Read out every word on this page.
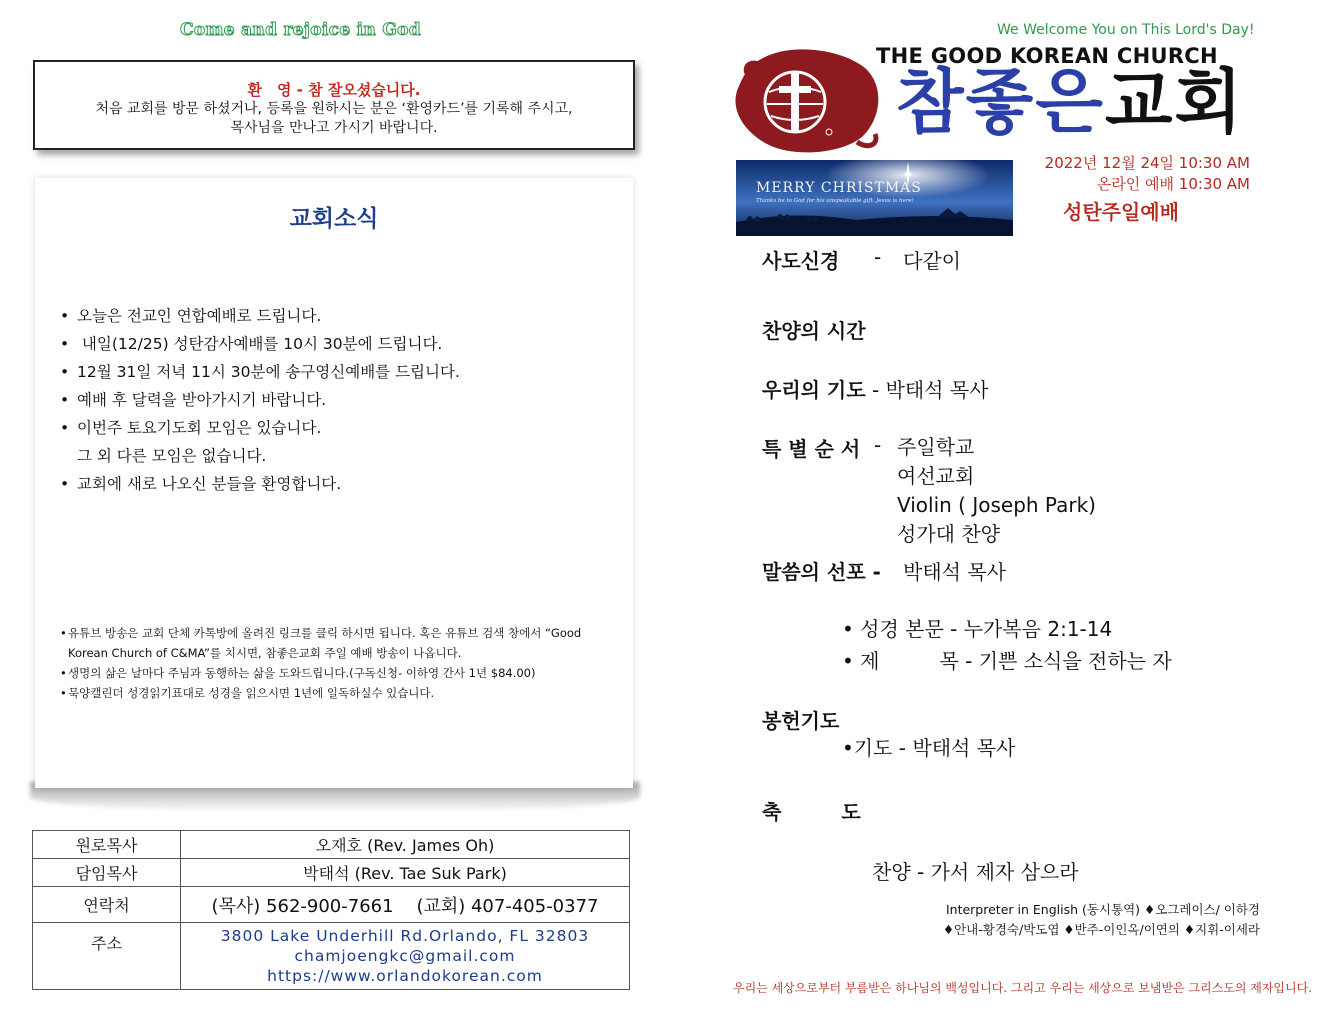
Come and rejoice in God
환　영 - 참 잘오셨습니다.
처음 교회를 방문 하셨거나, 등록을 원하시는 분은 ‘환영카드’를 기록해 주시고,
목사님을 만나고 가시기 바랍니다.
교회소식
• 오늘은 전교인 연합예배로 드립니다.
• 내일(12/25) 성탄감사예배를 10시 30분에 드립니다.
• 12월 31일 저녁 11시 30분에 송구영신예배를 드립니다.
• 예배 후 달력을 받아가시기 바랍니다.
• 이번주 토요기도회 모임은 있습니다.
그 외 다른 모임은 없습니다.
• 교회에 새로 나오신 분들을 환영합니다.
• 유튜브 방송은 교회 단체 카톡방에 올려진 링크를 클릭 하시면 됩니다. 혹은 유튜브 검색 창에서 “Good Korean Church of C&MA”를 치시면, 참좋은교회 주일 예배 방송이 나옵니다.
• 생명의 삶은 날마다 주님과 동행하는 삶을 도와드립니다.(구독신청- 이하영 간사 1년 $84.00)
• 묵양캘린더 성경읽기표대로 성경을 읽으시면 1년에 일독하실수 있습니다.
원로목사	오재호 (Rev. James Oh)
담임목사	박태석 (Rev. Tae Suk Park)
연락처	(목사) 562-900-7661    (교회) 407-405-0377
주소	3800 Lake Underhill Rd.Orlando, FL 32803
chamjoengkc@gmail.com
https://www.orlandokorean.com
We Welcome You on This Lord's Day!
THE GOOD KOREAN CHURCH
참좋은교회
MERRY CHRISTMAS
Thanks be to God for his unspeakable gift. Jesus is here!
2022년 12월 24일 10:30 AM
온라인 예배 10:30 AM
성탄주일예배
사도신경 - 다같이
찬양의 시간
우리의 기도 - 박태석 목사
특 별 순 서 - 주일학교
여선교회
Violin ( Joseph Park)
성가대 찬양
말씀의 선포 - 박태석 목사
• 성경 본문 - 누가복음 2:1-14
• 제　　　목 - 기쁜 소식을 전하는 자
봉헌기도
•기도 - 박태석 목사
축　　　도
찬양 - 가서 제자 삼으라
Interpreter in English (동시통역) ♦오그레이스/ 이하경
♦안내-황경숙/박도엽 ♦반주-이인옥/이연의 ♦지휘-이세라
우리는 세상으로부터 부름받은 하나님의 백성입니다. 그리고 우리는 세상으로 보냄받은 그리스도의 제자입니다.
